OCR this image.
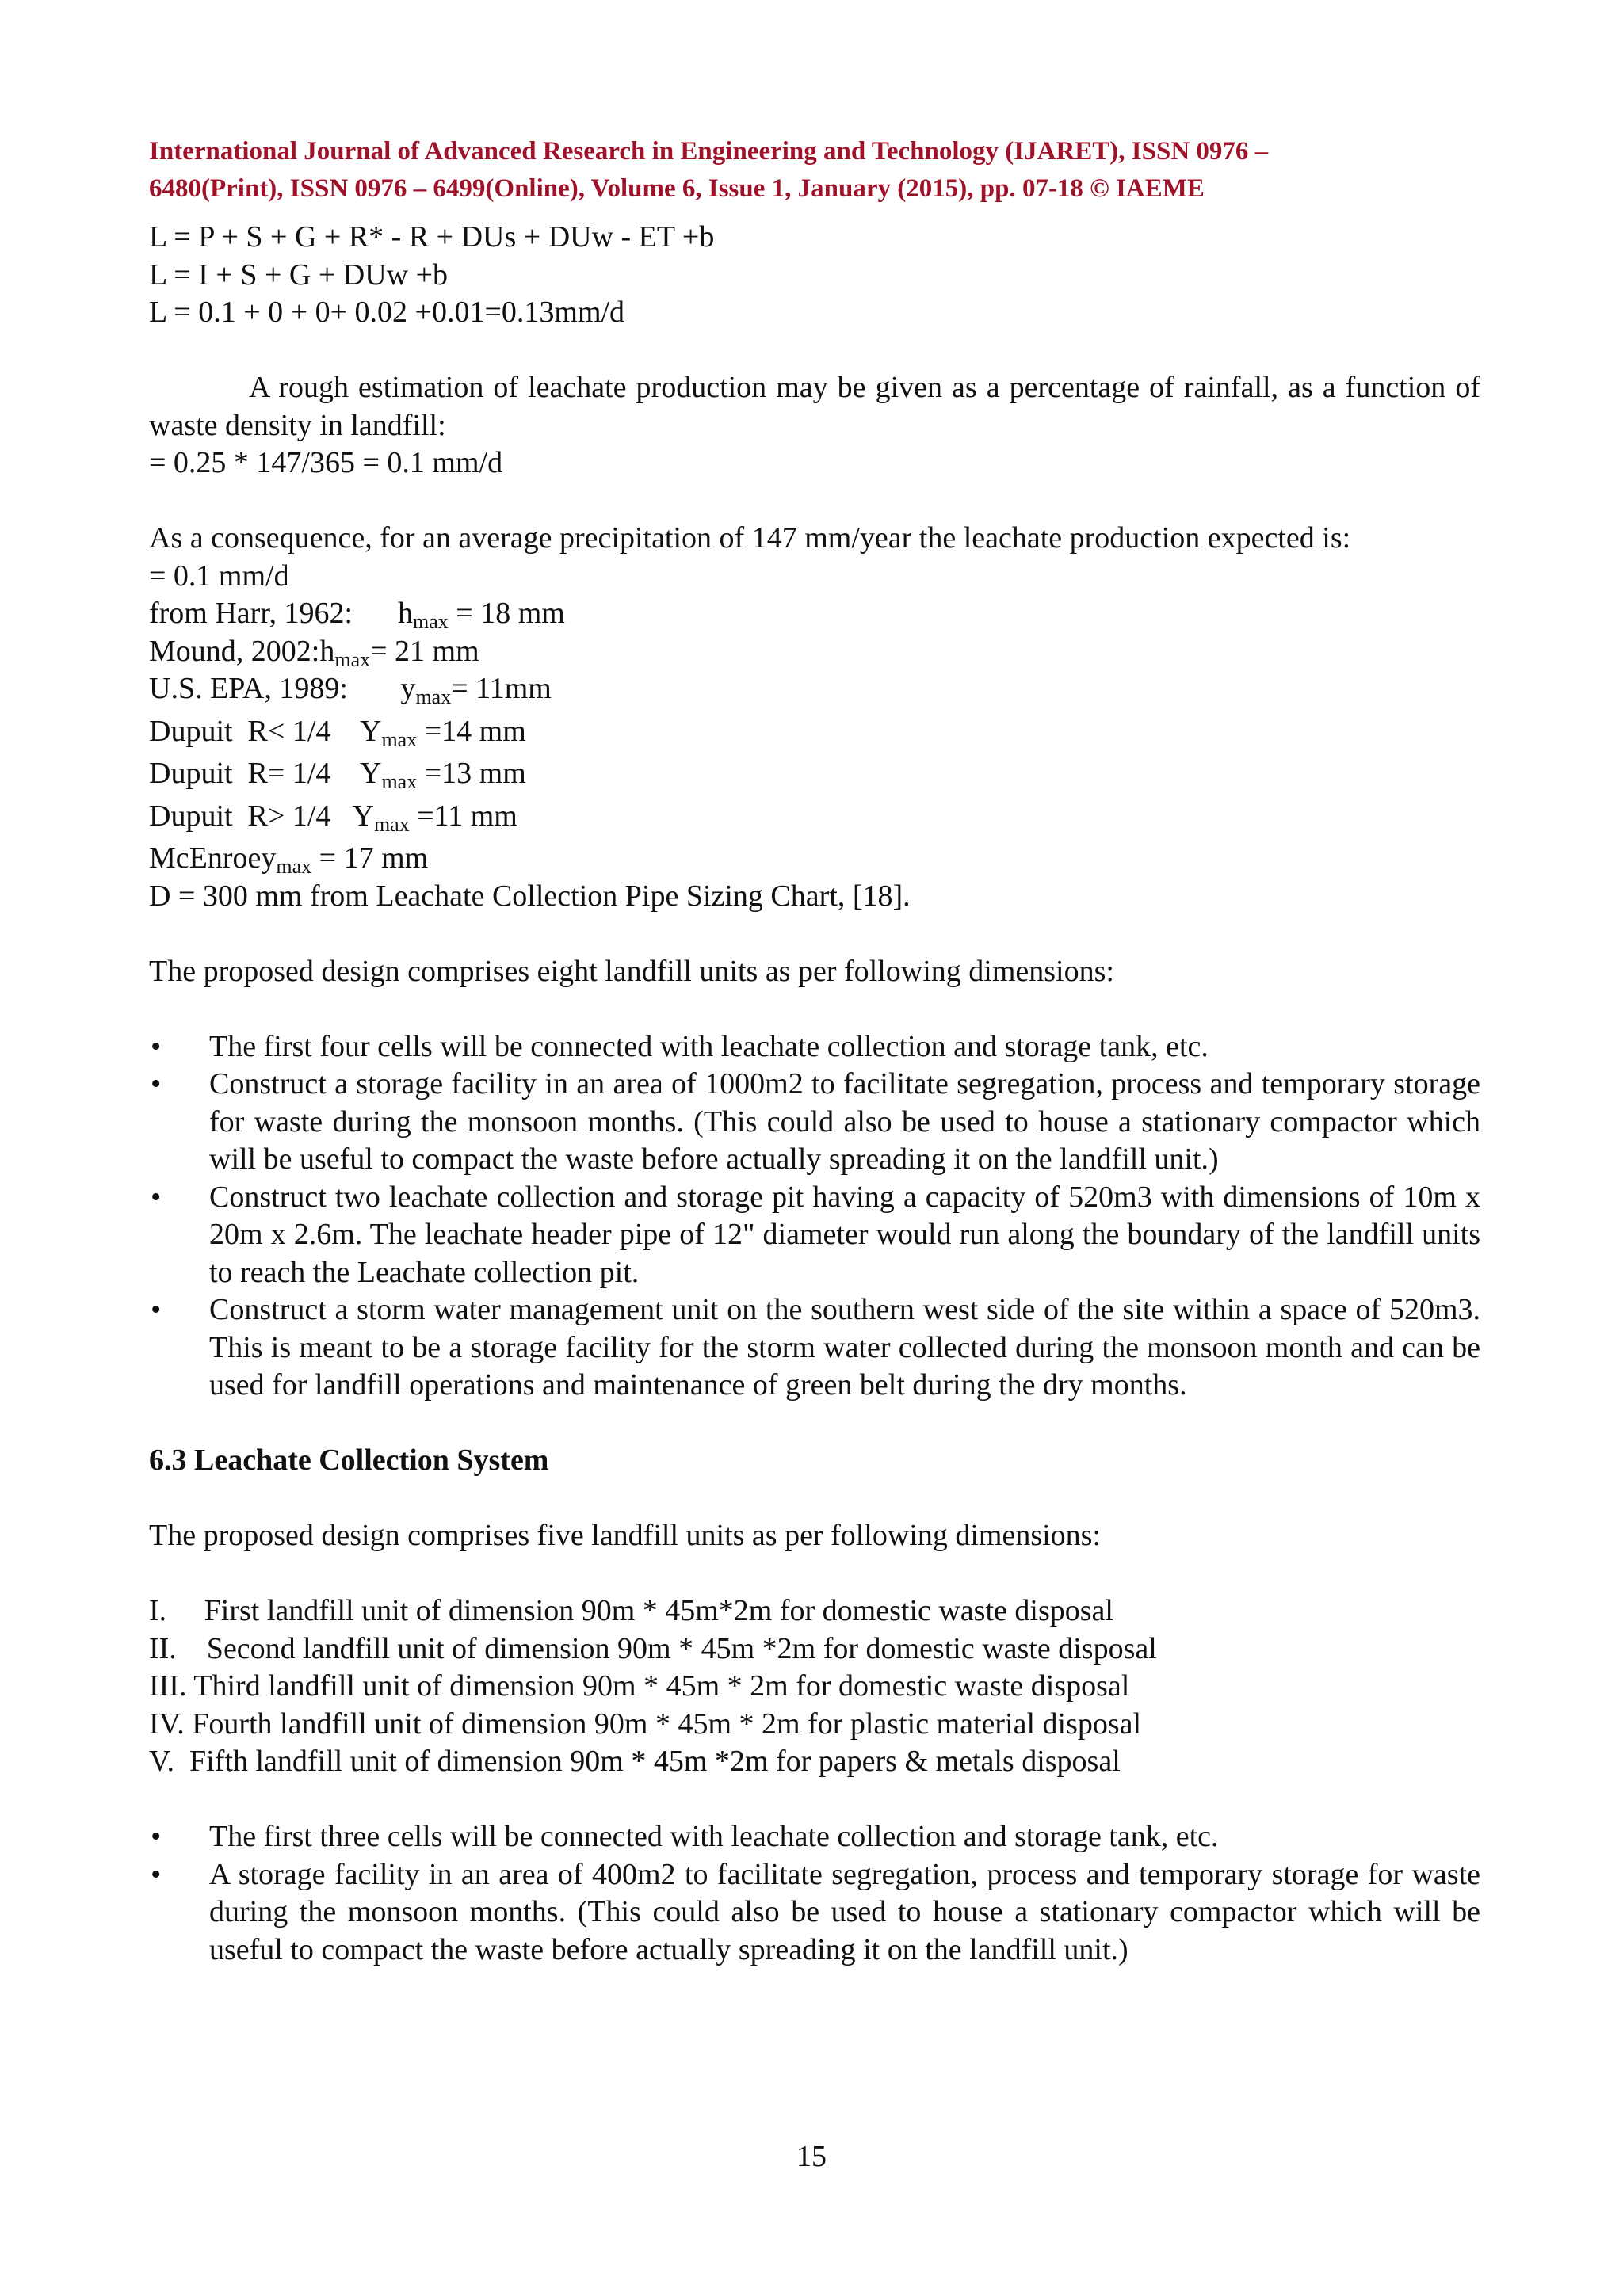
International Journal of Advanced Research in Engineering and Technology (IJARET), ISSN 0976 –
6480(Print), ISSN 0976 – 6499(Online), Volume 6, Issue 1, January (2015), pp. 07-18 © IAEME

L = P + S + G + R* - R + DUs + DUw - ET +b

L = I + S + G + DUw +b

L = 0.1 + 0 + 0+ 0.02 +0.01=0.13mm/d

A rough estimation of leachate production may be given as a percentage of rainfall, as a function of waste density in landfill:

= 0.25 * 147/365 = 0.1 mm/d

As a consequence, for an average precipitation of 147 mm/year the leachate production expected is:

= 0.1 mm/d

from Harr, 1962:      $h_{max} = 18$ mm

Mound, $2002:h_{max}= 21$ mm

U.S. EPA, 1989:       $y_{max}= 11mm$

Dupuit  R< 1/4    $Y_{max} =14$ mm

Dupuit  R= 1/4    $Y_{max} =13$ mm

Dupuit  R> 1/4   $Y_{max} =11$ mm

McEnroey$_{max}$ = 17 mm

D = 300 mm from Leachate Collection Pipe Sizing Chart, [18].

The proposed design comprises eight landfill units as per following dimensions:

•	The first four cells will be connected with leachate collection and storage tank, etc.
•	Construct a storage facility in an area of 1000m2 to facilitate segregation, process and temporary storage for waste during the monsoon months. (This could also be used to house a stationary compactor which will be useful to compact the waste before actually spreading it on the landfill unit.)
•	Construct two leachate collection and storage pit having a capacity of 520m3 with dimensions of 10m x 20m x 2.6m. The leachate header pipe of 12" diameter would run along the boundary of the landfill units to reach the Leachate collection pit.
•	Construct a storm water management unit on the southern west side of the site within a space of 520m3. This is meant to be a storage facility for the storm water collected during the monsoon month and can be used for landfill operations and maintenance of green belt during the dry months.

6.3 Leachate Collection System

The proposed design comprises five landfill units as per following dimensions:

I.     First landfill unit of dimension 90m * 45m*2m for domestic waste disposal

II.    Second landfill unit of dimension 90m * 45m *2m for domestic waste disposal

III. Third landfill unit of dimension 90m * 45m * 2m for domestic waste disposal

IV. Fourth landfill unit of dimension 90m * 45m * 2m for plastic material disposal

V.  Fifth landfill unit of dimension 90m * 45m *2m for papers & metals disposal

•	The first three cells will be connected with leachate collection and storage tank, etc.
•	A storage facility in an area of 400m2 to facilitate segregation, process and temporary storage for waste during the monsoon months. (This could also be used to house a stationary compactor which will be useful to compact the waste before actually spreading it on the landfill unit.)
15
